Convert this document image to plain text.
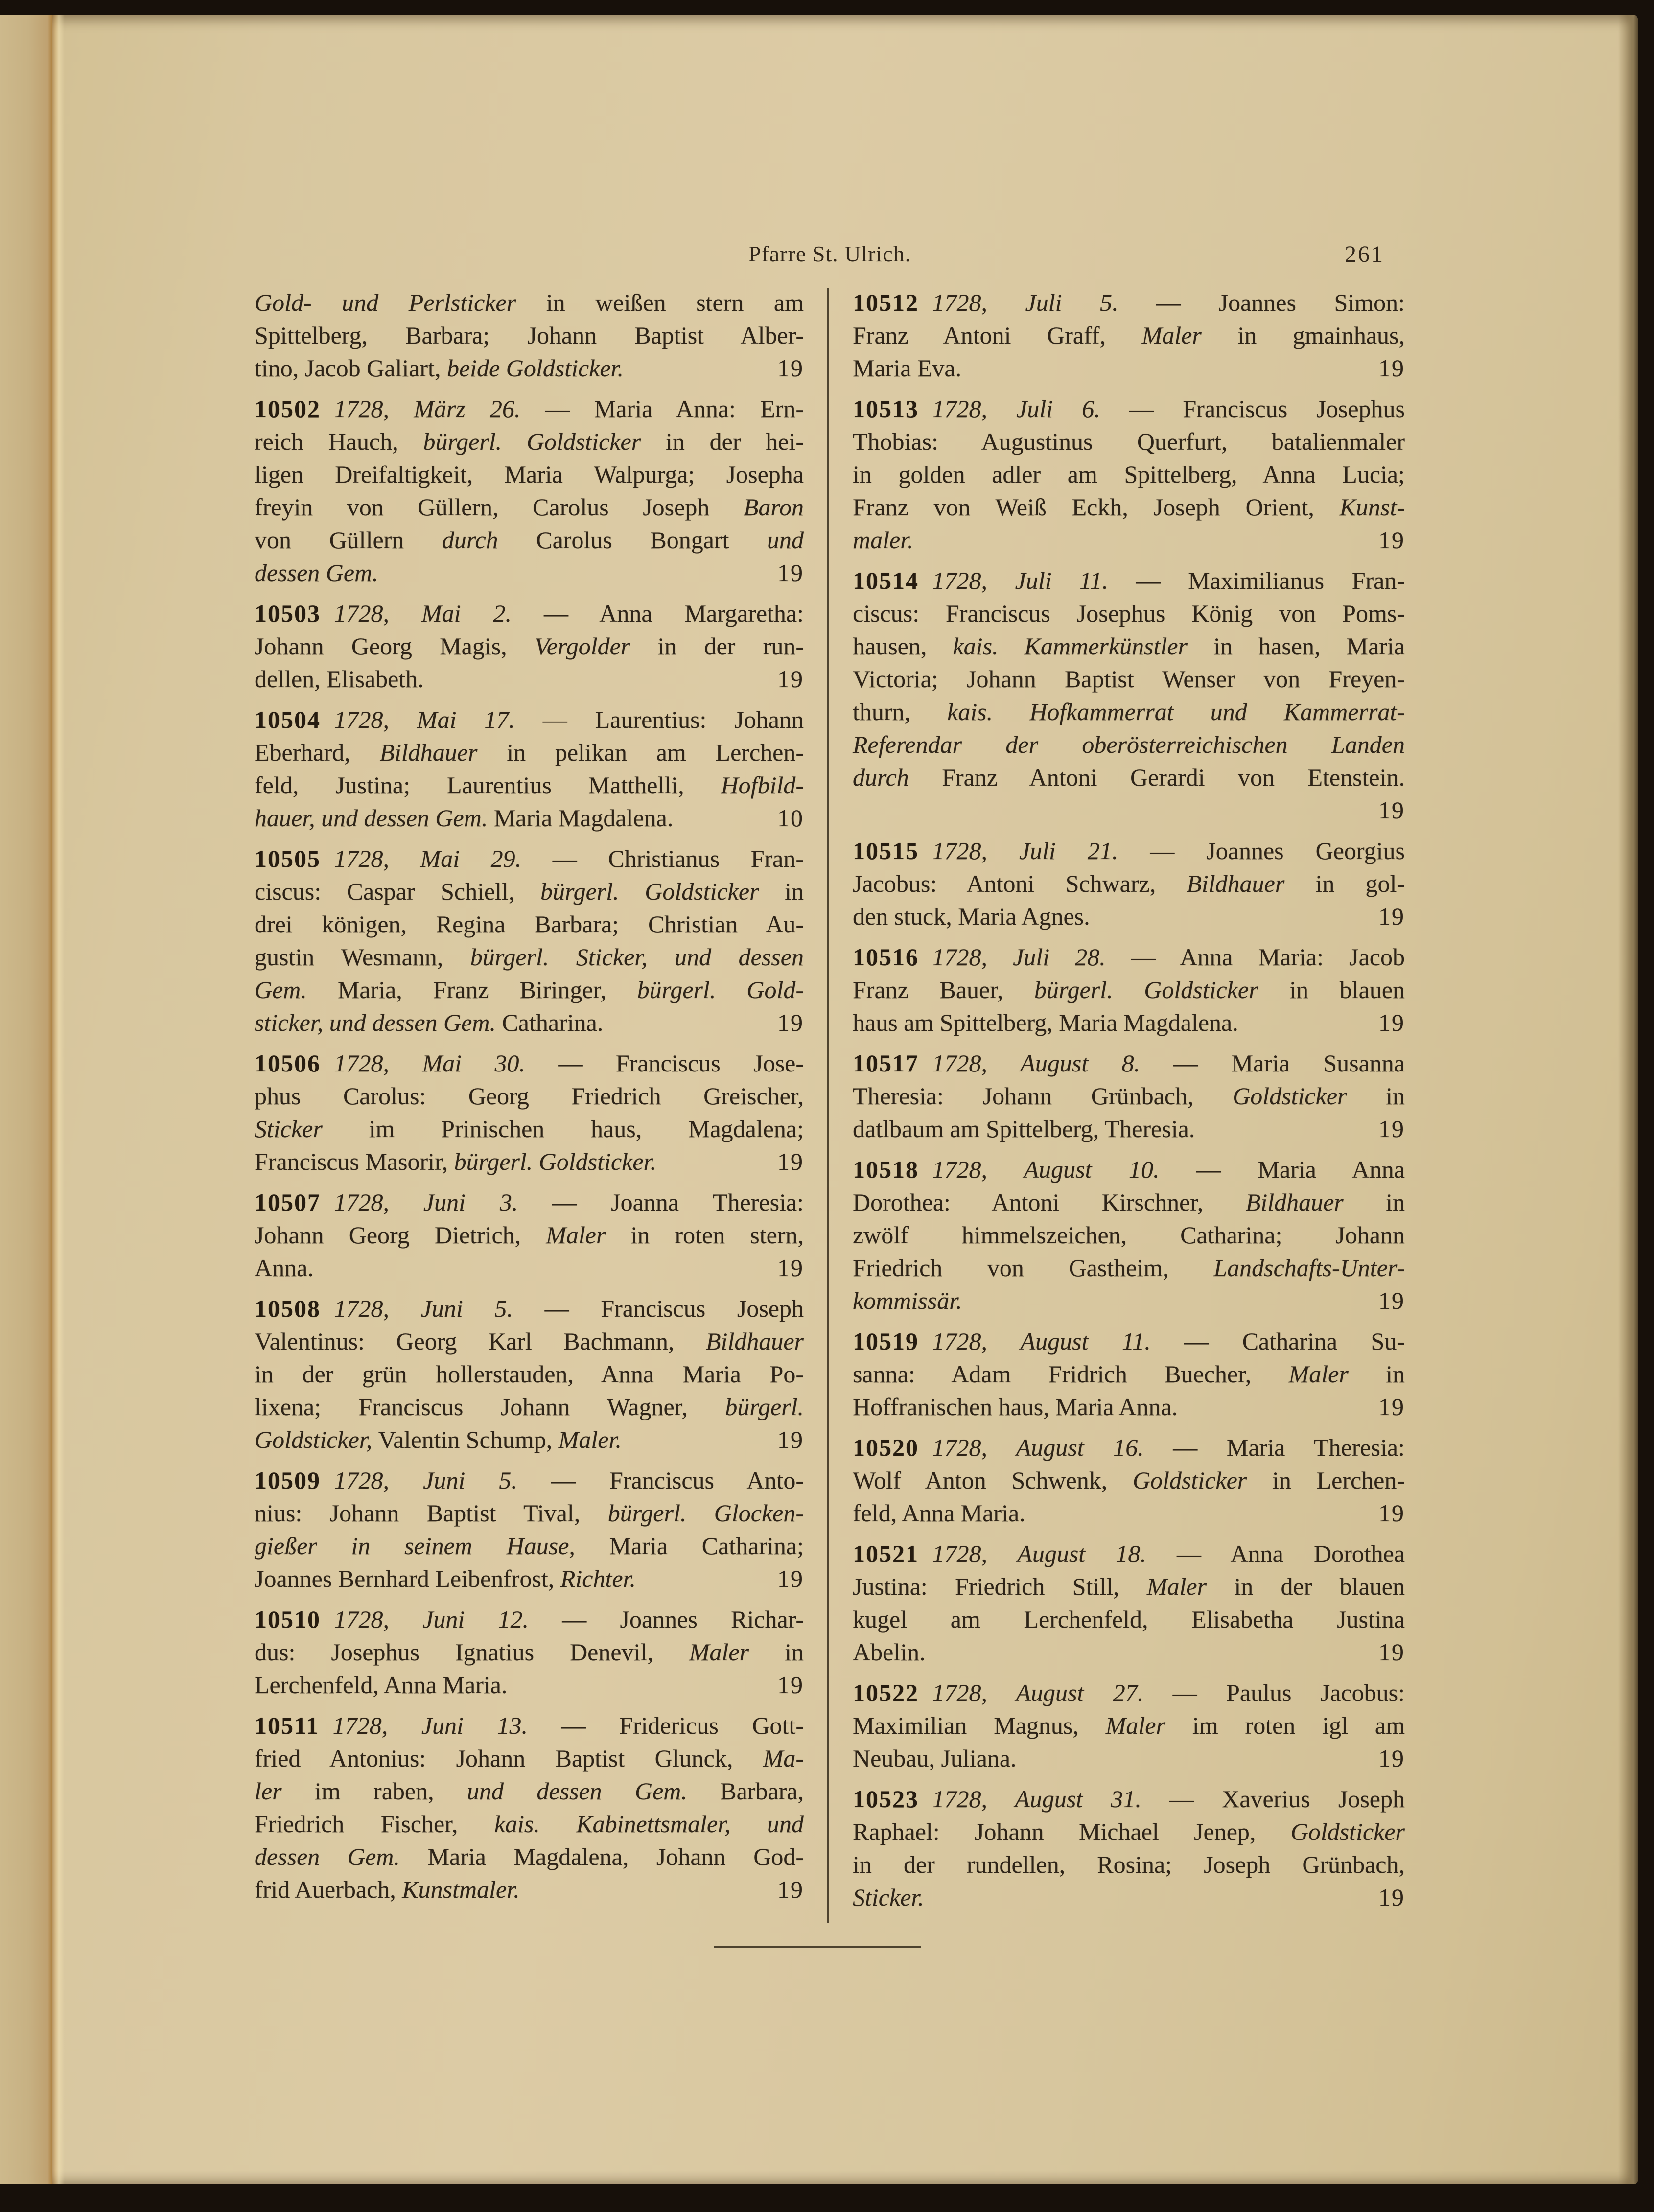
Pfarre St. Ulrich.	261
Gold- und Perlsticker in weißen stern am
Spittelberg, Barbara; Johann Baptist Alber-
tino, Jacob Galiart, beide Goldsticker.	19
10502 1728, März 26. — Maria Anna: Ern-
reich Hauch, bürgerl. Goldsticker in der hei-
ligen Dreifaltigkeit, Maria Walpurga; Josepha
freyin von Güllern, Carolus Joseph Baron
von Güllern durch Carolus Bongart und
dessen Gem.	19
10503 1728, Mai 2. — Anna Margaretha:
Johann Georg Magis, Vergolder in der run-
dellen, Elisabeth.	19
10504 1728, Mai 17. — Laurentius: Johann
Eberhard, Bildhauer in pelikan am Lerchen-
feld, Justina; Laurentius Matthelli, Hofbild-
hauer, und dessen Gem. Maria Magdalena.	10
10505 1728, Mai 29. — Christianus Fran-
ciscus: Caspar Schiell, bürgerl. Goldsticker in
drei königen, Regina Barbara; Christian Au-
gustin Wesmann, bürgerl. Sticker, und dessen
Gem. Maria, Franz Biringer, bürgerl. Gold-
sticker, und dessen Gem. Catharina.	19
10506 1728, Mai 30. — Franciscus Jose-
phus Carolus: Georg Friedrich Greischer,
Sticker im Prinischen haus, Magdalena;
Franciscus Masorir, bürgerl. Goldsticker.	19
10507 1728, Juni 3. — Joanna Theresia:
Johann Georg Dietrich, Maler in roten stern,
Anna.	19
10508 1728, Juni 5. — Franciscus Joseph
Valentinus: Georg Karl Bachmann, Bildhauer
in der grün hollerstauden, Anna Maria Po-
lixena; Franciscus Johann Wagner, bürgerl.
Goldsticker, Valentin Schump, Maler.	19
10509 1728, Juni 5. — Franciscus Anto-
nius: Johann Baptist Tival, bürgerl. Glocken-
gießer in seinem Hause, Maria Catharina;
Joannes Bernhard Leibenfrost, Richter.	19
10510 1728, Juni 12. — Joannes Richar-
dus: Josephus Ignatius Denevil, Maler in
Lerchenfeld, Anna Maria.	19
10511 1728, Juni 13. — Fridericus Gott-
fried Antonius: Johann Baptist Glunck, Ma-
ler im raben, und dessen Gem. Barbara,
Friedrich Fischer, kais. Kabinettsmaler, und
dessen Gem. Maria Magdalena, Johann God-
frid Auerbach, Kunstmaler.	19
10512 1728, Juli 5. — Joannes Simon:
Franz Antoni Graff, Maler in gmainhaus,
Maria Eva.	19
10513 1728, Juli 6. — Franciscus Josephus
Thobias: Augustinus Querfurt, batalienmaler
in golden adler am Spittelberg, Anna Lucia;
Franz von Weiß Eckh, Joseph Orient, Kunst-
maler.	19
10514 1728, Juli 11. — Maximilianus Fran-
ciscus: Franciscus Josephus König von Poms-
hausen, kais. Kammerkünstler in hasen, Maria
Victoria; Johann Baptist Wenser von Freyen-
thurn, kais. Hofkammerrat und Kammerrat-
Referendar der oberösterreichischen Landen
durch Franz Antoni Gerardi von Etenstein.
19
10515 1728, Juli 21. — Joannes Georgius
Jacobus: Antoni Schwarz, Bildhauer in gol-
den stuck, Maria Agnes.	19
10516 1728, Juli 28. — Anna Maria: Jacob
Franz Bauer, bürgerl. Goldsticker in blauen
haus am Spittelberg, Maria Magdalena.	19
10517 1728, August 8. — Maria Susanna
Theresia: Johann Grünbach, Goldsticker in
datlbaum am Spittelberg, Theresia.	19
10518 1728, August 10. — Maria Anna
Dorothea: Antoni Kirschner, Bildhauer in
zwölf himmelszeichen, Catharina; Johann
Friedrich von Gastheim, Landschafts-Unter-
kommissär.	19
10519 1728, August 11. — Catharina Su-
sanna: Adam Fridrich Buecher, Maler in
Hoffranischen haus, Maria Anna.	19
10520 1728, August 16. — Maria Theresia:
Wolf Anton Schwenk, Goldsticker in Lerchen-
feld, Anna Maria.	19
10521 1728, August 18. — Anna Dorothea
Justina: Friedrich Still, Maler in der blauen
kugel am Lerchenfeld, Elisabetha Justina
Abelin.	19
10522 1728, August 27. — Paulus Jacobus:
Maximilian Magnus, Maler im roten igl am
Neubau, Juliana.	19
10523 1728, August 31. — Xaverius Joseph
Raphael: Johann Michael Jenep, Goldsticker
in der rundellen, Rosina; Joseph Grünbach,
Sticker.	19
